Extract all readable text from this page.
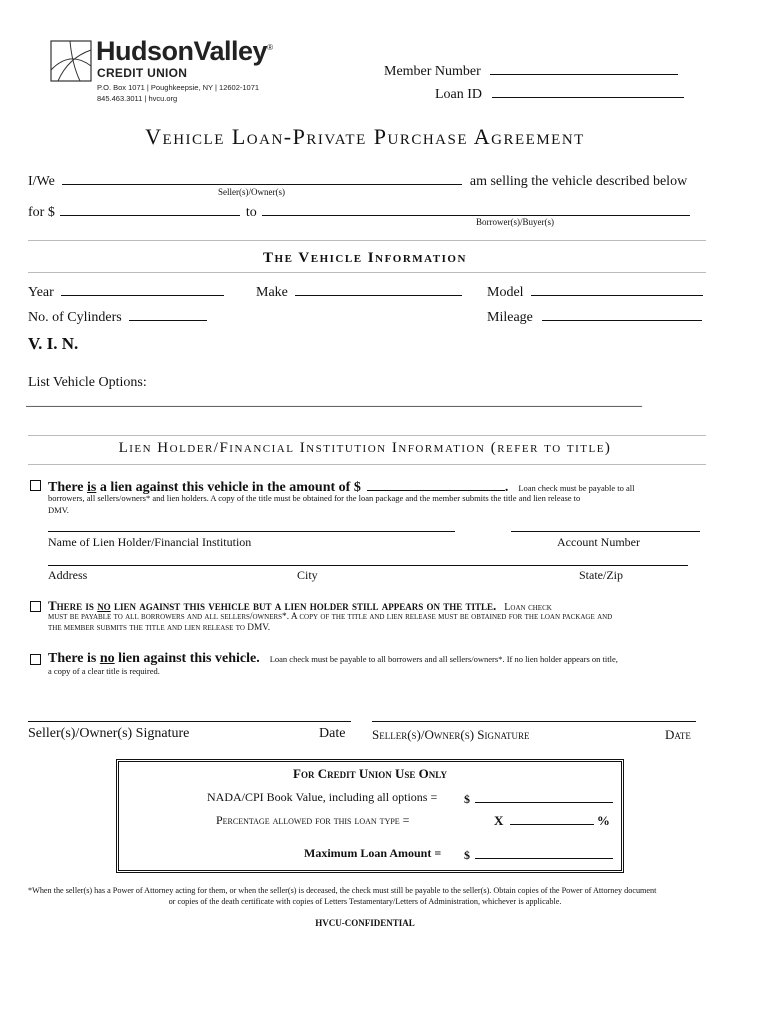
HudsonValley®
CREDIT UNION
P.O. Box 1071 | Poughkeepsie, NY | 12602-1071
845.463.3011 | hvcu.org
Member Number
Loan ID
Vehicle Loan-Private Purchase Agreement
I/We	am selling the vehicle described below
Seller(s)/Owner(s)
for $	to
Borrower(s)/Buyer(s)
The Vehicle Information
Year	Make	Model
No. of Cylinders	Mileage
V. I. N.
List Vehicle Options:
________________________________________________________________________________________
Lien Holder/Financial Institution Information (refer to title)
There is a lien against this vehicle in the amount of $	. Loan check must be payable to all
borrowers, all sellers/owners* and lien holders. A copy of the title must be obtained for the loan package and the member submits the title and lien release to
DMV.
Name of Lien Holder/Financial Institution	Account Number
Address	City	State/Zip
There is no lien against this vehicle but a lien holder still appears on the title. Loan check
must be payable to all borrowers and all sellers/owners*. A copy of the title and lien release must be obtained for the loan package and
the member submits the title and lien release to DMV.
There is no lien against this vehicle. Loan check must be payable to all borrowers and all sellers/owners*. If no lien holder appears on title,
a copy of a clear title is required.
Seller(s)/Owner(s) Signature	Date Seller(s)/Owner(s) Signature	Date
For Credit Union Use Only
NADA/CPI Book Value, including all options = $
Percentage allowed for this loan type =	X	%
Maximum Loan Amount = $
*When the seller(s) has a Power of Attorney acting for them, or when the seller(s) is deceased, the check must still be payable to the seller(s). Obtain copies of the Power of Attorney document
or copies of the death certificate with copies of Letters Testamentary/Letters of Administration, whichever is applicable.
HVCU-CONFIDENTIAL
